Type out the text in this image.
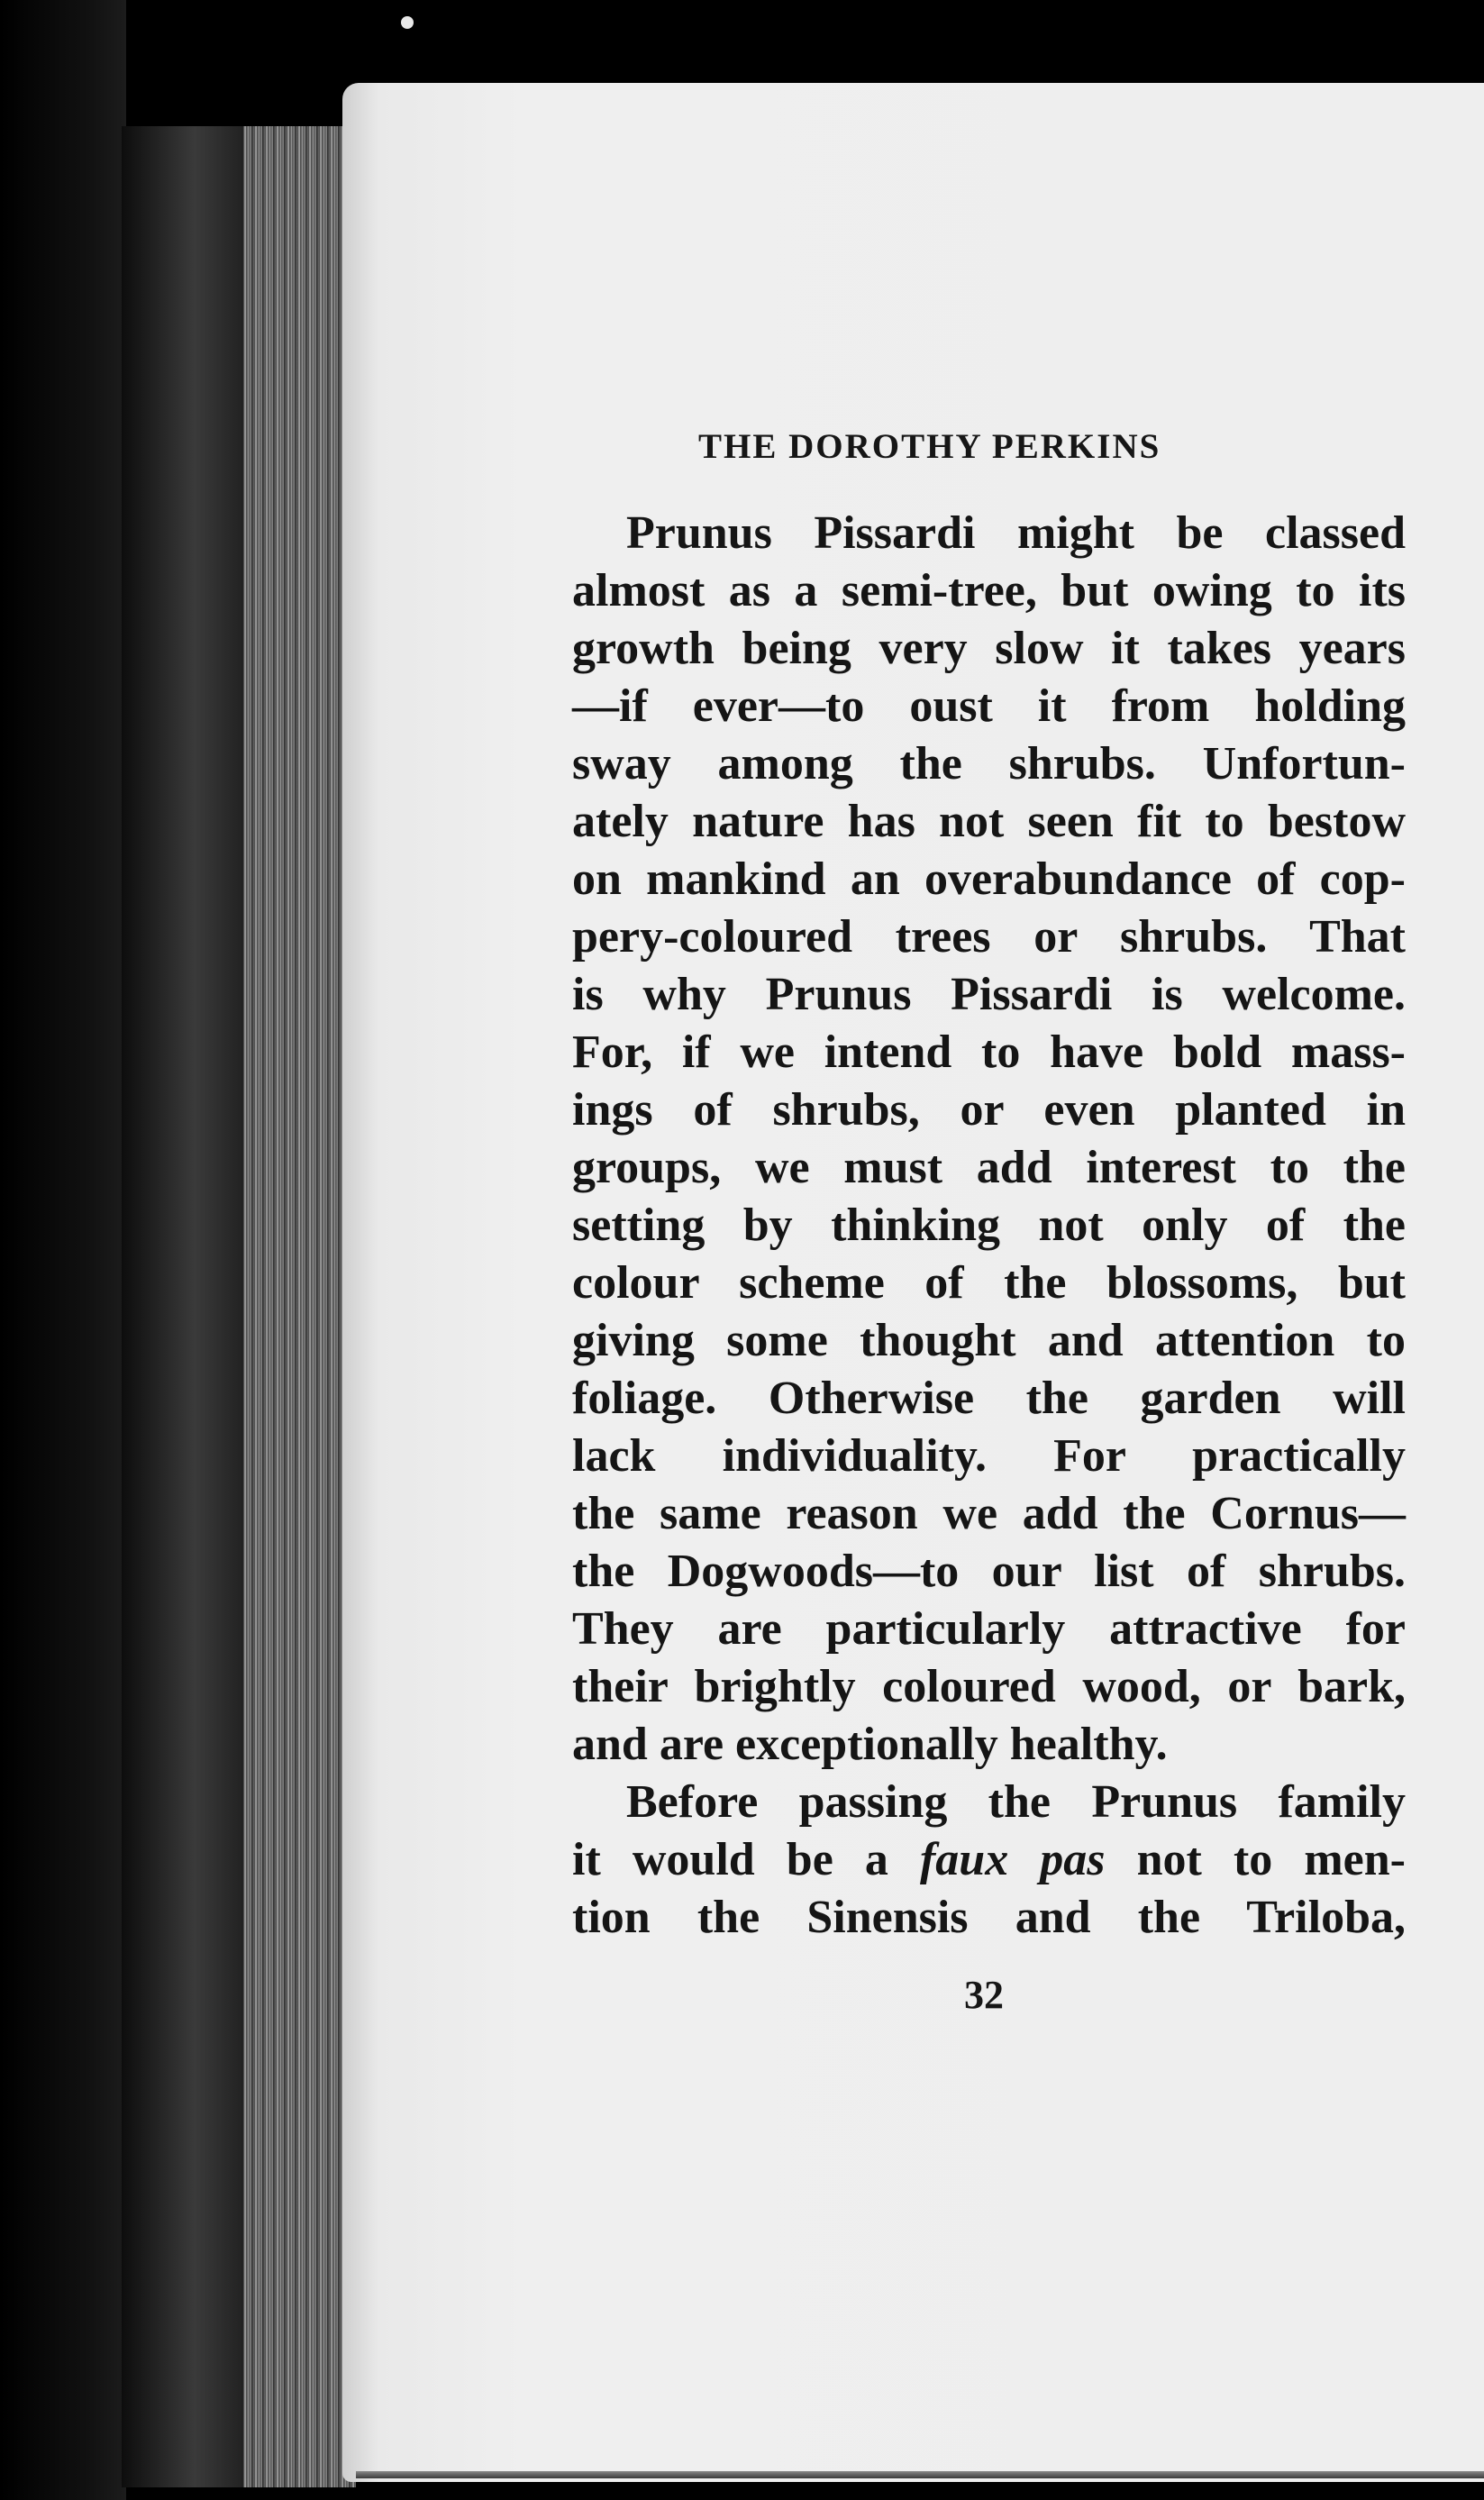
THE DOROTHY PERKINS
Prunus Pissardi might be classed
almost as a semi-tree, but owing to its
growth being very slow it takes years
—if ever—to oust it from holding
sway among the shrubs. Unfortun-
ately nature has not seen fit to bestow
on mankind an overabundance of cop-
pery-coloured trees or shrubs. That
is why Prunus Pissardi is welcome.
For, if we intend to have bold mass-
ings of shrubs, or even planted in
groups, we must add interest to the
setting by thinking not only of the
colour scheme of the blossoms, but
giving some thought and attention to
foliage. Otherwise the garden will
lack individuality. For practically
the same reason we add the Cornus—
the Dogwoods—to our list of shrubs.
They are particularly attractive for
their brightly coloured wood, or bark,
and are exceptionally healthy.
Before passing the Prunus family
it would be a faux pas not to men-
tion the Sinensis and the Triloba,
32
